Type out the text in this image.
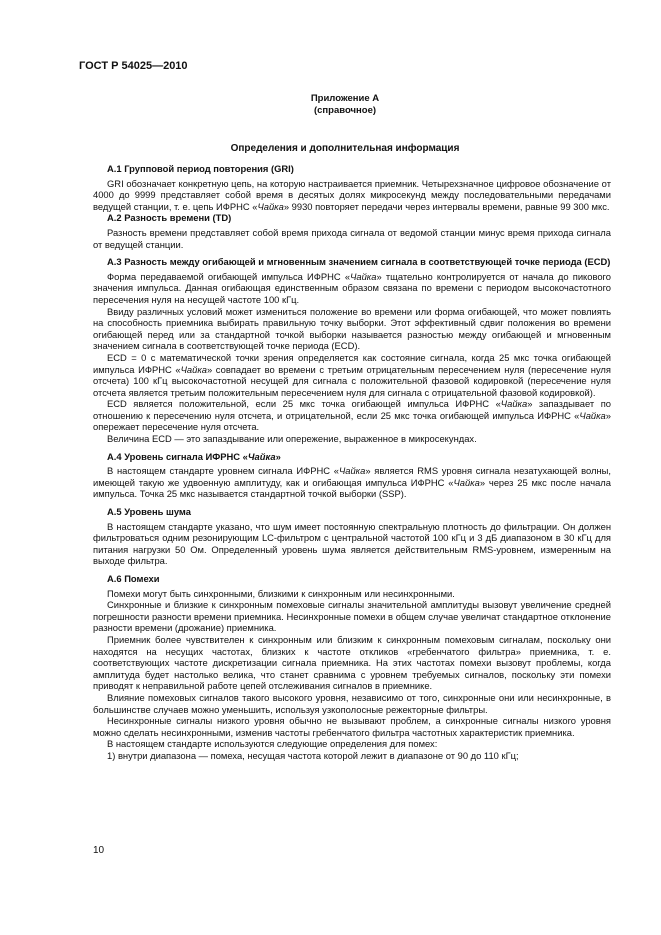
ГОСТ Р 54025—2010
Приложение А
(справочное)
Определения и дополнительная информация
А.1 Групповой период повторения (GRI)

GRI обозначает конкретную цепь, на которую настраивается приемник. Четырехзначное цифровое обозначение от 4000 до 9999 представляет собой время в десятых долях микросекунд между последовательными передачами ведущей станции, т. е. цепь ИФРНС «Чайка» 9930 повторяет передачи через интервалы времени, равные 99 300 мкс.

А.2 Разность времени (TD)

Разность времени представляет собой время прихода сигнала от ведомой станции минус время прихода сигнала от ведущей станции.

А.3 Разность между огибающей и мгновенным значением сигнала в соответствующей точке периода (ECD)

Форма передаваемой огибающей импульса ИФРНС «Чайка» тщательно контролируется от начала до пикового значения импульса. Данная огибающая единственным образом связана по времени с периодом высокочастотного пересечения нуля на несущей частоте 100 кГц.

Ввиду различных условий может измениться положение во времени или форма огибающей, что может повлиять на способность приемника выбирать правильную точку выборки. Этот эффективный сдвиг положения во времени огибающей перед или за стандартной точкой выборки называется разностью между огибающей и мгновенным значением сигнала в соответствующей точке периода (ECD).

ECD = 0 с математической точки зрения определяется как состояние сигнала, когда 25 мкс точка огибающей импульса ИФРНС «Чайка» совпадает во времени с третьим отрицательным пересечением нуля (пересечение нуля отсчета) 100 кГц высокочастотной несущей для сигнала с положительной фазовой кодировкой (пересечение нуля отсчета является третьим положительным пересечением нуля для сигнала с отрицательной фазовой кодировкой).

ECD является положительной, если 25 мкс точка огибающей импульса ИФРНС «Чайка» запаздывает по отношению к пересечению нуля отсчета, и отрицательной, если 25 мкс точка огибающей импульса ИФРНС «Чайка» опережает пересечение нуля отсчета.

Величина ECD — это запаздывание или опережение, выраженное в микросекундах.

А.4 Уровень сигнала ИФРНС «Чайка»

В настоящем стандарте уровнем сигнала ИФРНС «Чайка» является RMS уровня сигнала незатухающей волны, имеющей такую же удвоенную амплитуду, как и огибающая импульса ИФРНС «Чайка» через 25 мкс после начала импульса. Точка 25 мкс называется стандартной точкой выборки (SSP).

А.5 Уровень шума

В настоящем стандарте указано, что шум имеет постоянную спектральную плотность до фильтрации. Он должен фильтроваться одним резонирующим LC-фильтром с центральной частотой 100 кГц и 3 дБ диапазоном в 30 кГц для питания нагрузки 50 Ом. Определенный уровень шума является действительным RMS-уровнем, измеренным на выходе фильтра.

А.6 Помехи

Помехи могут быть синхронными, близкими к синхронным или несинхронными.

Синхронные и близкие к синхронным помеховые сигналы значительной амплитуды вызовут увеличение средней погрешности разности времени приемника. Несинхронные помехи в общем случае увеличат стандартное отклонение разности времени (дрожание) приемника.

Приемник более чувствителен к синхронным или близким к синхронным помеховым сигналам, поскольку они находятся на несущих частотах, близких к частоте откликов «гребенчатого фильтра» приемника, т. е. соответствующих частоте дискретизации сигнала приемника. На этих частотах помехи вызовут проблемы, когда амплитуда будет настолько велика, что станет сравнима с уровнем требуемых сигналов, поскольку эти помехи приводят к неправильной работе цепей отслеживания сигналов в приемнике.

Влияние помеховых сигналов такого высокого уровня, независимо от того, синхронные они или несинхронные, в большинстве случаев можно уменьшить, используя узкополосные режекторные фильтры.

Несинхронные сигналы низкого уровня обычно не вызывают проблем, а синхронные сигналы низкого уровня можно сделать несинхронными, изменив частоты гребенчатого фильтра частотных характеристик приемника.

В настоящем стандарте используются следующие определения для помех:

1) внутри диапазона — помеха, несущая частота которой лежит в диапазоне от 90 до 110 кГц;

10
